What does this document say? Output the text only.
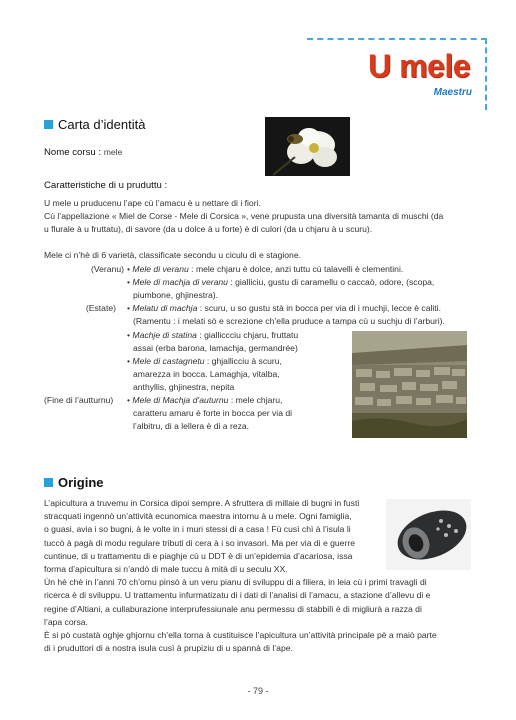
U mele
Maestru
Carta d’identità
Nome corsu : mele
Caratteristiche di u pruduttu :
U mele u pruducenu l’ape cù l’amacu è u nettare di i fiori.
Cù l’appellazione « Miel de Corse - Mele di Corsica », vene prupusta una diversità tamanta di muschi (da
u flurale à u fruttatu), di savore (da u dolce à u forte) è di culori (da u chjaru à u scuru).
Mele ci n’hè di 6 varietà, classificate secondu u ciculu di e stagione.
(Veranu) • Mele di veranu : mele chjaru è dolce, anzi tuttu cù talavelli è clementini.
• Mele di machja di veranu : gialliciu, gustu di caramellu o caccaò, odore, (scopa,
piumbone, ghjinestra).
(Estate) • Melatu di machja : scuru, u so gustu stà in bocca per via di i muchji, lecce è caliti.
(Ramentu : i melati sò e screzione ch’ella pruduce a tampa cù u suchju di l’arburi).
• Machje di statina : gialliccciu chjaru, fruttatu
assai (erba barona, lamachja, germandrée)
• Mele di castagnetu : ghjallicciu à scuru,
amarezza in bocca. Lamaghja, vitalba,
anthyllis, ghjinestra, nepita
(Fine di l’autturnu) • Mele di Machja d’auturnu : mele chjaru,
caratteru amaru è forte in bocca per via di
l’albitru, di a lellera è di a reza.
Origine
L’apicultura a truvemu in Corsica dipoi sempre. A sfruttera di millaie di bugni in fusti
stracquati ingennò un’attività ecunomica maestra intornu à u mele. Ogni famiglia,
o guasi, avia i so bugni, à le volte in i muri stessi di a casa ! Fù cusì chì à l’isula li
tuccò à pagà di modu regulare tributi di cera à i so invasori. Ma per via di e guerre
cuntinue, di u trattamentu di e piaghje cù u DDT è di un’epidemia d’acariosa, issa
forma d’apicultura si n’andò di male tuccu à mità di u seculu XX.
Ùn hè chè in l’anni 70 ch’omu pinsò à un veru pianu di sviluppu di a filiera, in leia cù i primi travagli di
ricerca è di sviluppu. U trattamentu infurmatizatu di i dati di l’analisi di l’amacu, a stazione d’allevu di e
regine d’Altiani, a cullaburazione interprufessiunale anu permessu di stabbilì è di migliurà a razza di
l’apa corsa.
È si pò custatà oghje ghjornu ch’ella torna à custituisce l’apicultura un’attività principale pè a maiò parte
di i pruduttori di a nostra isula cusì à prupiziu di u spannà di l’ape.
- 79 -
